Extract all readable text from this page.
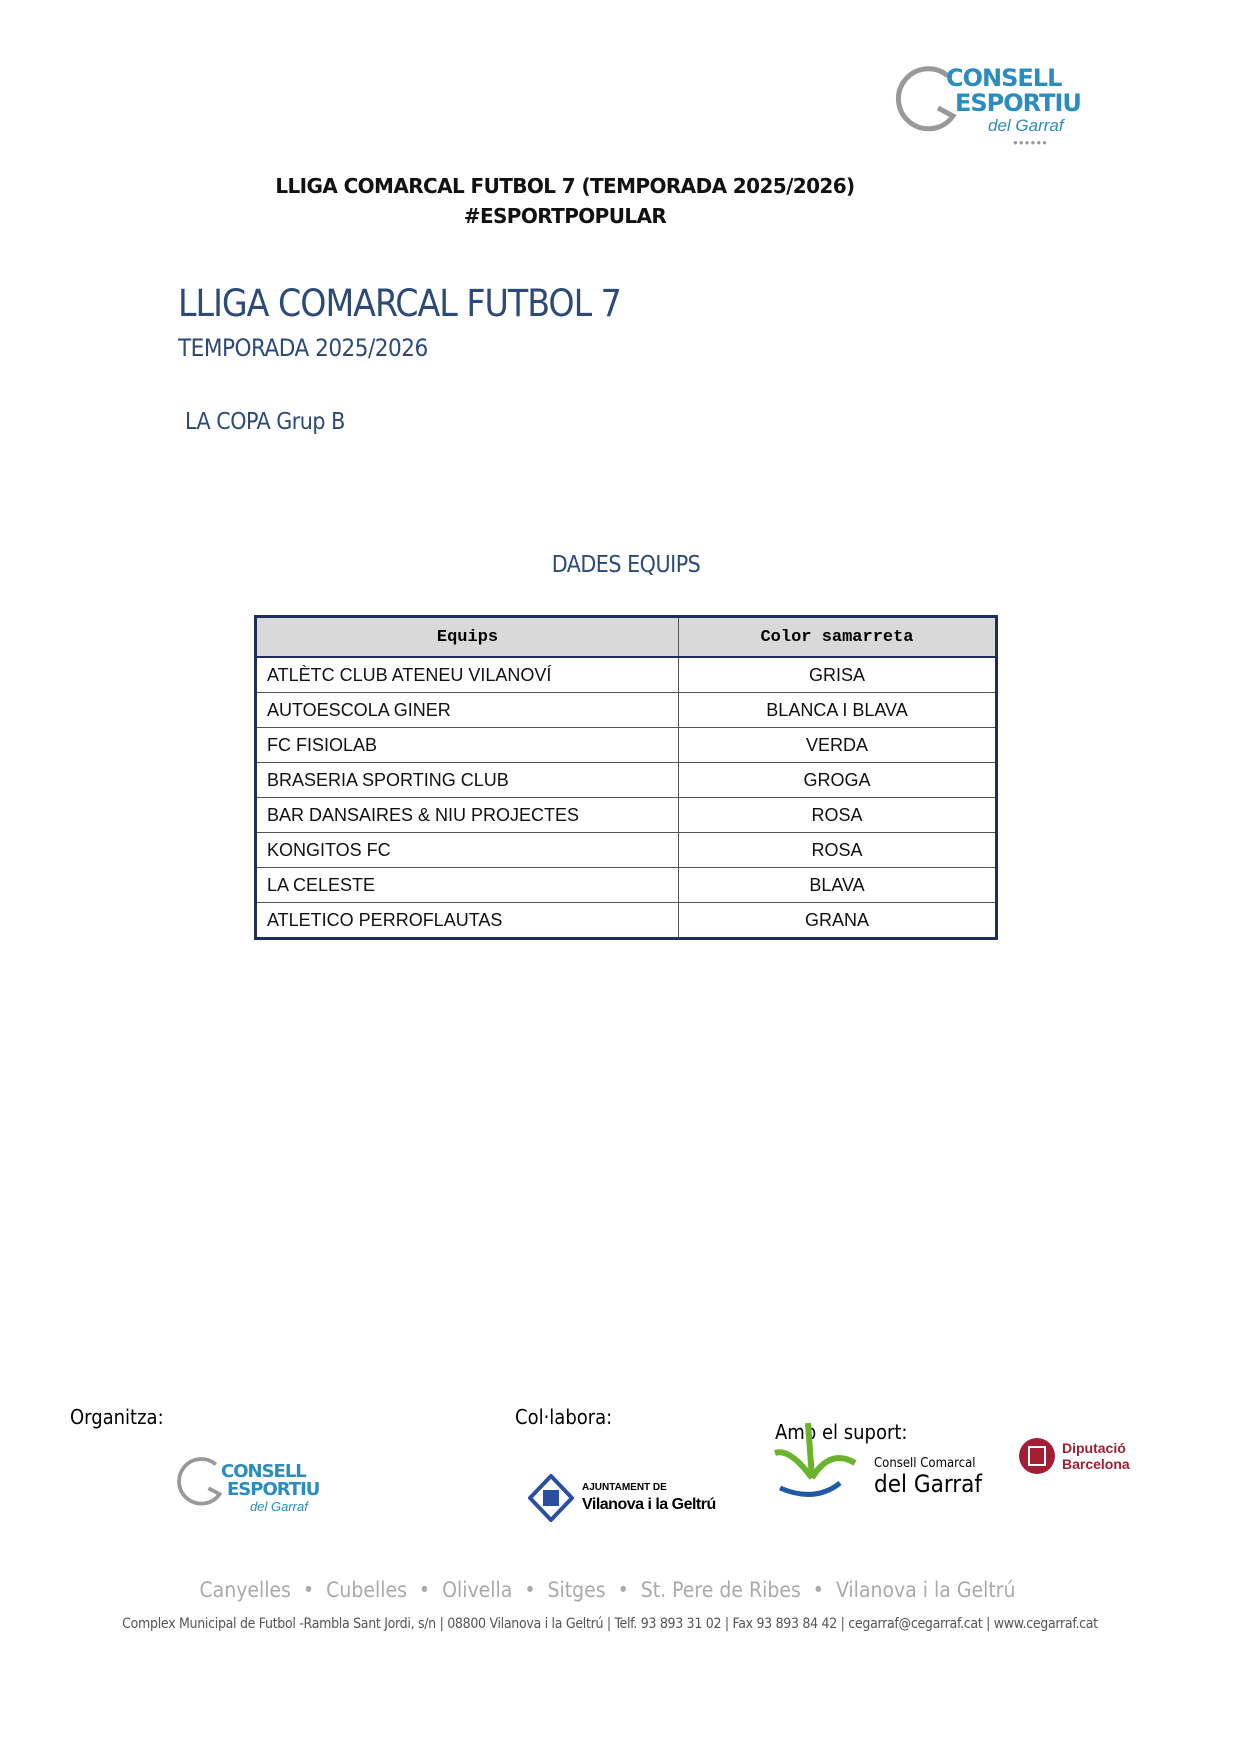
CONSELL
ESPORTIU
del Garraf
●●●●●●
LLIGA COMARCAL FUTBOL 7 (TEMPORADA 2025/2026)
#ESPORTPOPULAR
LLIGA COMARCAL FUTBOL 7
TEMPORADA 2025/2026
LA COPA Grup B
DADES EQUIPS
Equips	Color samarreta
ATLÈTC CLUB ATENEU VILANOVÍ	GRISA
AUTOESCOLA GINER	BLANCA I BLAVA
FC FISIOLAB	VERDA
BRASERIA SPORTING CLUB	GROGA
BAR DANSAIRES & NIU PROJECTES	ROSA
KONGITOS FC	ROSA
LA CELESTE	BLAVA
ATLETICO PERROFLAUTAS	GRANA
Organitza:	Col·labora:
Amb el suport:
CONSELL
ESPORTIU
del Garraf
AJUNTAMENT DE
Vilanova i la Geltrú
Consell Comarcal
del Garraf
Diputació
Barcelona
Canyelles  •  Cubelles  •  Olivella  •  Sitges  •  St. Pere de Ribes  •  Vilanova i la Geltrú
Complex Municipal de Futbol -Rambla Sant Jordi, s/n | 08800 Vilanova i la Geltrú | Telf. 93 893 31 02 | Fax 93 893 84 42 | cegarraf@cegarraf.cat | www.cegarraf.cat
